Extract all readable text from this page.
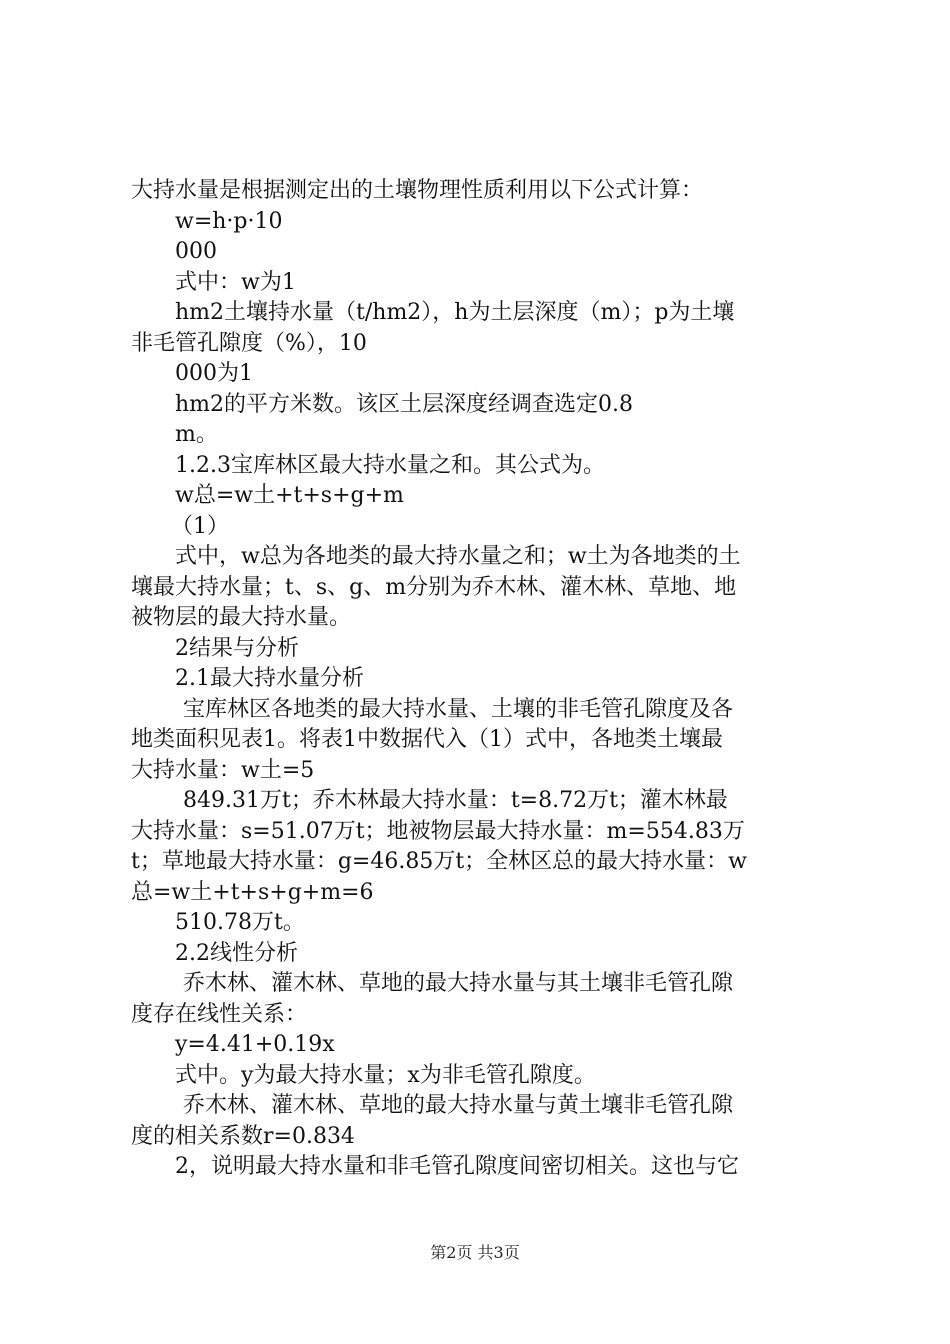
大持水量是根据测定出的土壤物理性质利用以下公式计算：
w=h·p·10
000
式中：w为1
hm2土壤持水量（t/hm2），h为土层深度（m）；p为土壤
非毛管孔隙度（%），10
000为1
hm2的平方米数。该区土层深度经调查选定0.8
m。
1.2.3宝库林区最大持水量之和。其公式为。
w总=w土+t+s+g+m
（1）
式中，w总为各地类的最大持水量之和；w土为各地类的土
壤最大持水量；t、s、g、m分别为乔木林、灌木林、草地、地
被物层的最大持水量。
2结果与分析
2.1最大持水量分析
宝库林区各地类的最大持水量、土壤的非毛管孔隙度及各
地类面积见表1。将表1中数据代入（1）式中，各地类土壤最
大持水量：w土=5
849.31万t；乔木林最大持水量：t=8.72万t；灌木林最
大持水量：s=51.07万t；地被物层最大持水量：m=554.83万
t；草地最大持水量：g=46.85万t；全林区总的最大持水量：w
总=w土+t+s+g+m=6
510.78万t。
2.2线性分析
乔木林、灌木林、草地的最大持水量与其土壤非毛管孔隙
度存在线性关系：
y=4.41+0.19x
式中。y为最大持水量；x为非毛管孔隙度。
乔木林、灌木林、草地的最大持水量与黄土壤非毛管孔隙
度的相关系数r=0.834
2，说明最大持水量和非毛管孔隙度间密切相关。这也与它
第2页 共3页
